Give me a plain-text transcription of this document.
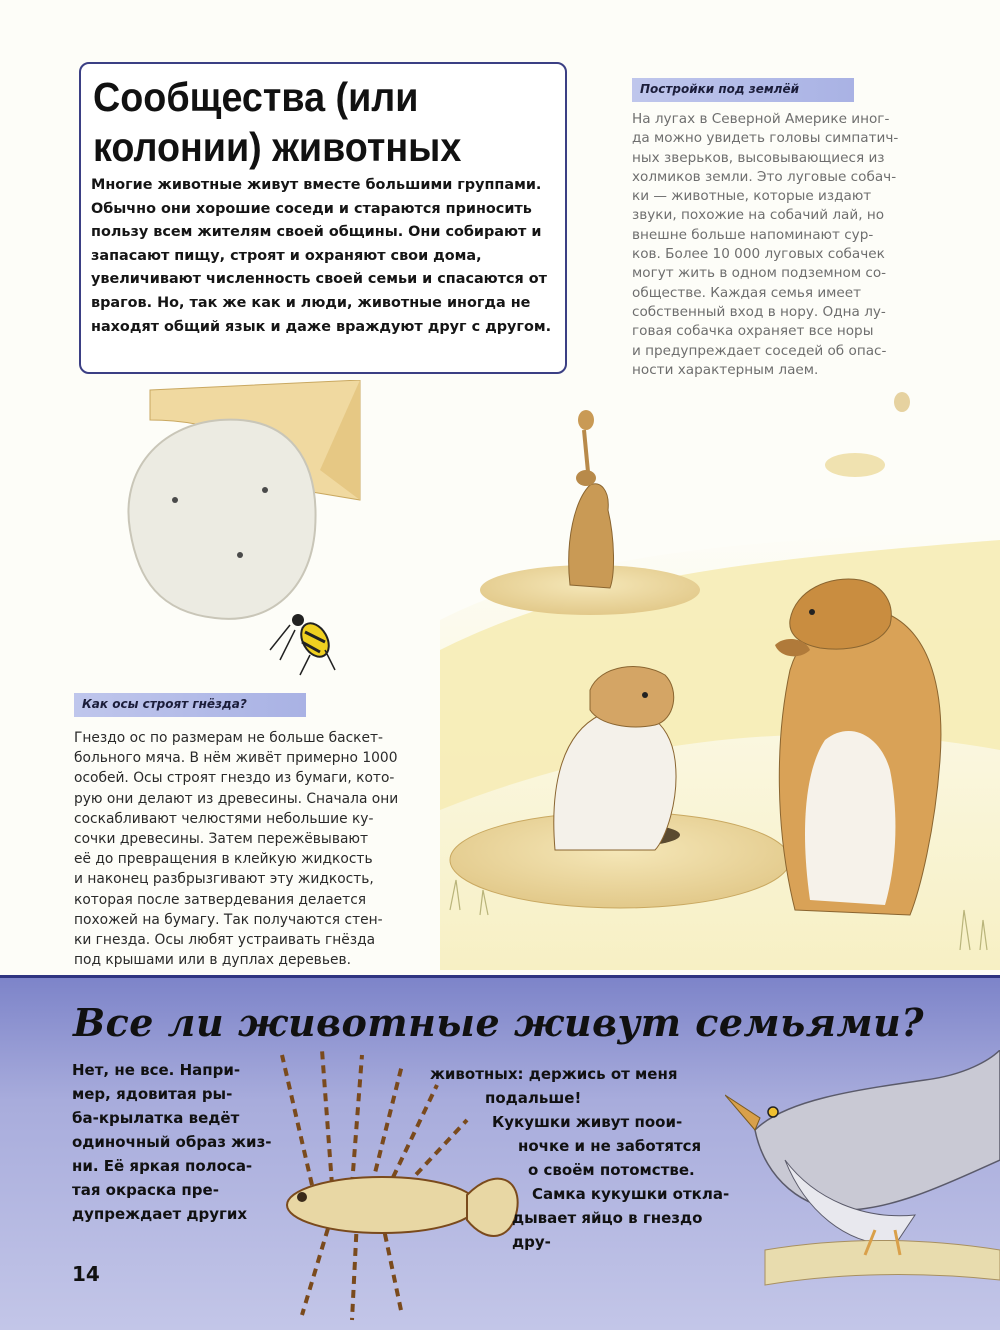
Сообщества (или колонии) животных

Многие животные живут вместе большими группами. Обычно они хорошие соседи и стараются приносить пользу всем жителям своей общины. Они собирают и запасают пищу, строят и охраняют свои дома, увеличивают численность своей семьи и спасаются от врагов. Но, так же как и люди, животные иногда не находят общий язык и даже враждуют друг с другом.

Постройки под землёй

На лугах в Северной Америке иног-

да можно увидеть головы симпатич-

ных зверьков, высовывающиеся из

холмиков земли. Это луговые собач-

ки — животные, которые издают

звуки, похожие на собачий лай, но

внешне больше напоминают сур-

ков. Более 10 000 луговых собачек

могут жить в одном подземном со-

обществе. Каждая семья имеет

собственный вход в нору. Одна лу-

говая собачка охраняет все норы

и предупреждает соседей об опас-

ности характерным лаем.

Как осы строят гнёзда?

Гнездо ос по размерам не больше баскет-

больного мяча. В нём живёт примерно 1000

особей. Осы строят гнездо из бумаги, кото-

рую они делают из древесины. Сначала они

соскабливают челюстями небольшие ку-

сочки древесины. Затем пережёвывают

её до превращения в клейкую жидкость

и наконец разбрызгивают эту жидкость,

которая после затвердевания делается

похожей на бумагу. Так получаются стен-

ки гнезда. Осы любят устраивать гнёзда

под крышами или в дуплах деревьев.

Все ли животные живут семьями?

Нет, не все. Напри-

мер, ядовитая ры-

ба-крылатка ведёт

одиночный образ жиз-

ни. Её яркая полоса-

тая окраска пре-

дупреждает других

животных: держись от меня

подальше!

Кукушки живут поои-

ночке и не заботятся

о своём потомстве.

Самка кукушки откла-

дывает яйцо в гнездо дру-

14
